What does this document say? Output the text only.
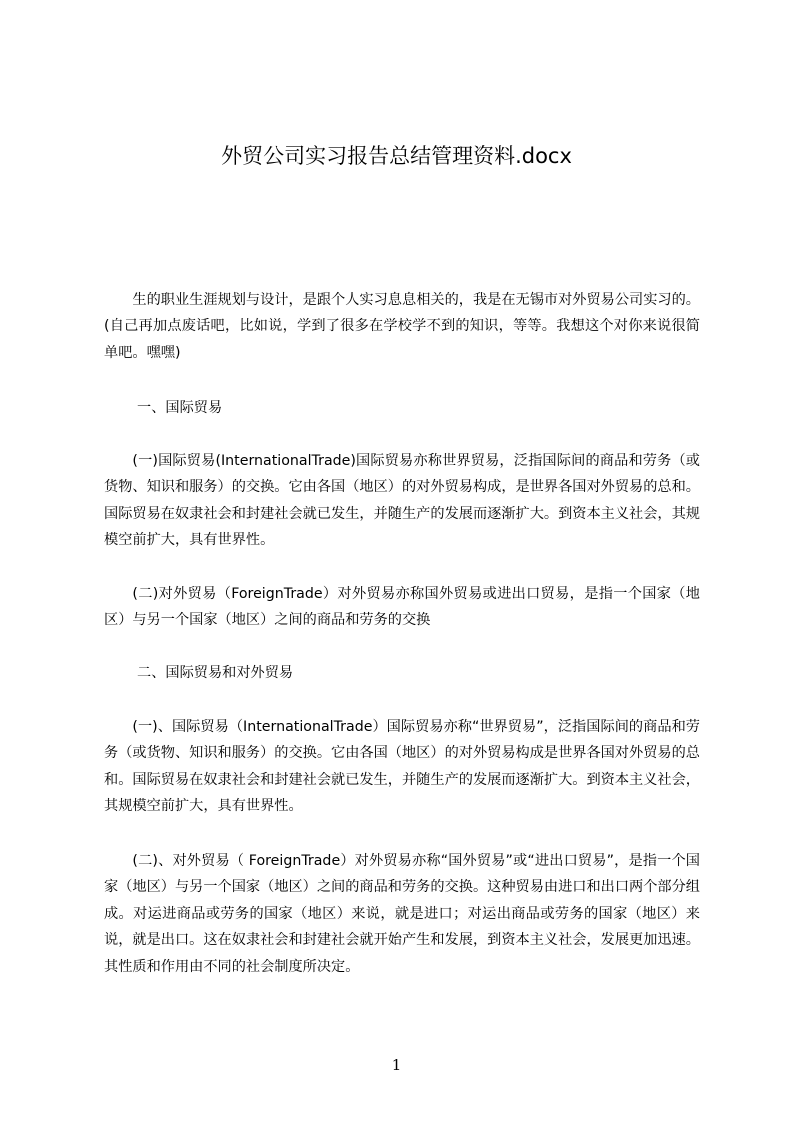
外贸公司实习报告总结管理资料.docx

生的职业生涯规划与设计，是跟个人实习息息相关的，我是在无锡市对外贸易公司实习的。(自己再加点废话吧，比如说，学到了很多在学校学不到的知识，等等。我想这个对你来说很简单吧。嘿嘿)

一、国际贸易

(一)国际贸易(InternationalTrade)国际贸易亦称世界贸易，泛指国际间的商品和劳务（或货物、知识和服务）的交换。它由各国（地区）的对外贸易构成，是世界各国对外贸易的总和。国际贸易在奴隶社会和封建社会就已发生，并随生产的发展而逐渐扩大。到资本主义社会，其规模空前扩大，具有世界性。

(二)对外贸易（ForeignTrade）对外贸易亦称国外贸易或进出口贸易，是指一个国家（地区）与另一个国家（地区）之间的商品和劳务的交换

二、国际贸易和对外贸易

(一)、国际贸易（InternationalTrade）国际贸易亦称“世界贸易”，泛指国际间的商品和劳务（或货物、知识和服务）的交换。它由各国（地区）的对外贸易构成是世界各国对外贸易的总和。国际贸易在奴隶社会和封建社会就已发生，并随生产的发展而逐渐扩大。到资本主义社会，其规模空前扩大，具有世界性。

(二)、对外贸易（ ForeignTrade）对外贸易亦称“国外贸易”或“进出口贸易”，是指一个国家（地区）与另一个国家（地区）之间的商品和劳务的交换。这种贸易由进口和出口两个部分组成。对运进商品或劳务的国家（地区）来说，就是进口；对运出商品或劳务的国家（地区）来说，就是出口。这在奴隶社会和封建社会就开始产生和发展，到资本主义社会，发展更加迅速。其性质和作用由不同的社会制度所决定。

1
